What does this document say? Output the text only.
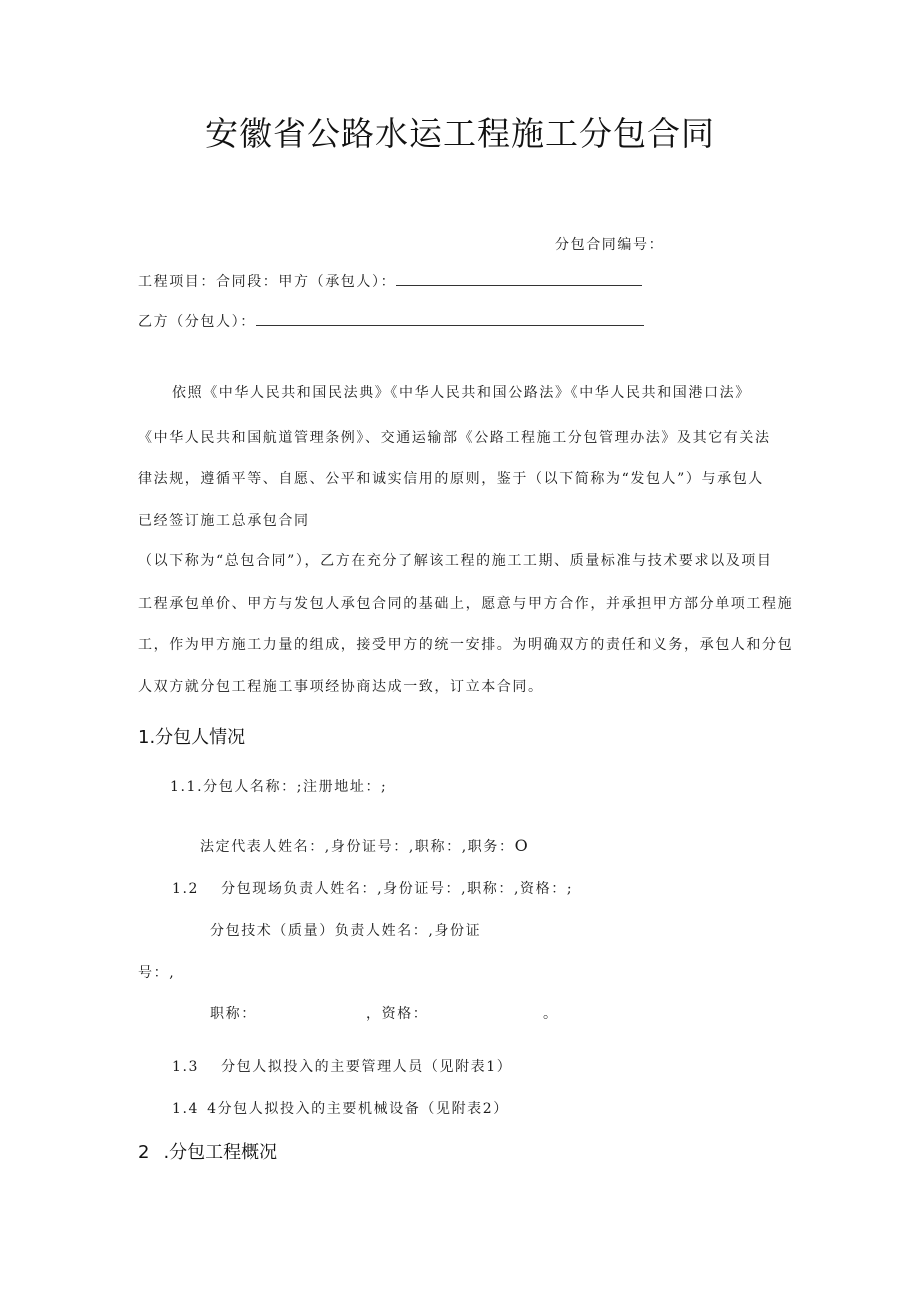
安徽省公路水运工程施工分包合同
分包合同编号：
工程项目：合同段：甲方（承包人）：
乙方（分包人）：
依照《中华人民共和国民法典》《中华人民共和国公路法》《中华人民共和国港口法》
《中华人民共和国航道管理条例》、交通运输部《公路工程施工分包管理办法》及其它有关法
律法规，遵循平等、自愿、公平和诚实信用的原则，鉴于（以下简称为“发包人”）与承包人
已经签订施工总承包合同
（以下称为“总包合同”），乙方在充分了解该工程的施工工期、质量标准与技术要求以及项目
工程承包单价、甲方与发包人承包合同的基础上，愿意与甲方合作，并承担甲方部分单项工程施
工，作为甲方施工力量的组成，接受甲方的统一安排。为明确双方的责任和义务，承包人和分包
人双方就分包工程施工事项经协商达成一致，订立本合同。
1.分包人情况
1.1.分包人名称：;注册地址：;
法定代表人姓名：,身份证号：,职称：,职务：O
1.2 分包现场负责人姓名：,身份证号：,职称：,资格：;
分包技术（质量）负责人姓名：,身份证
号：,
职称：	，资格：	。
1.3 分包人拟投入的主要管理人员（见附表1）
1.4 4分包人拟投入的主要机械设备（见附表2）
2 .分包工程概况
